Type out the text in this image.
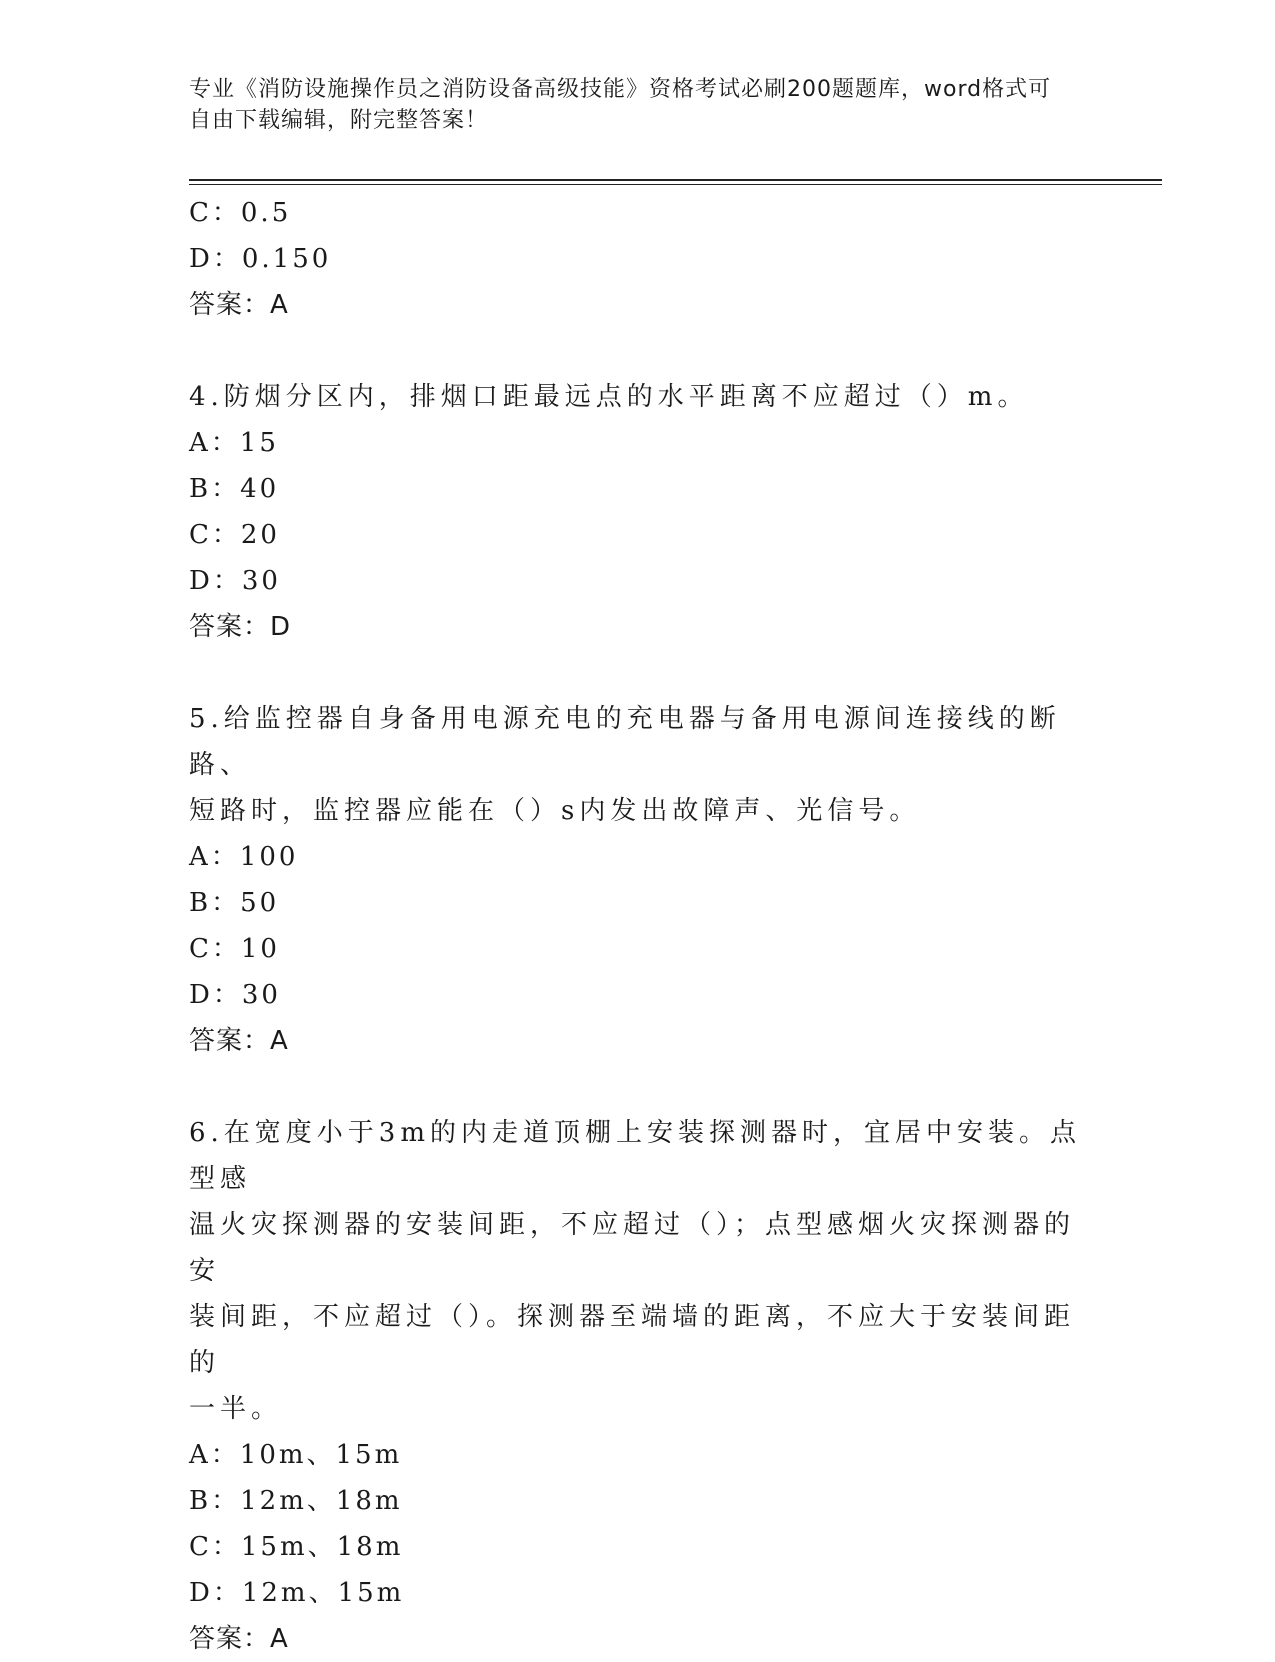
专业《消防设施操作员之消防设备高级技能》资格考试必刷200题题库，word格式可自由下载编辑，附完整答案！
C：0.5
D：0.150
答案：A
4.防烟分区内，排烟口距最远点的水平距离不应超过（）m。
A：15
B：40
C：20
D：30
答案：D
5.给监控器自身备用电源充电的充电器与备用电源间连接线的断路、
短路时，监控器应能在（）s内发出故障声、光信号。
A：100
B：50
C：10
D：30
答案：A
6.在宽度小于3m的内走道顶棚上安装探测器时，宜居中安装。点型感
温火灾探测器的安装间距，不应超过（）；点型感烟火灾探测器的安
装间距，不应超过（）。探测器至端墙的距离，不应大于安装间距的
一半。
A：10m、15m
B：12m、18m
C：15m、18m
D：12m、15m
答案：A
